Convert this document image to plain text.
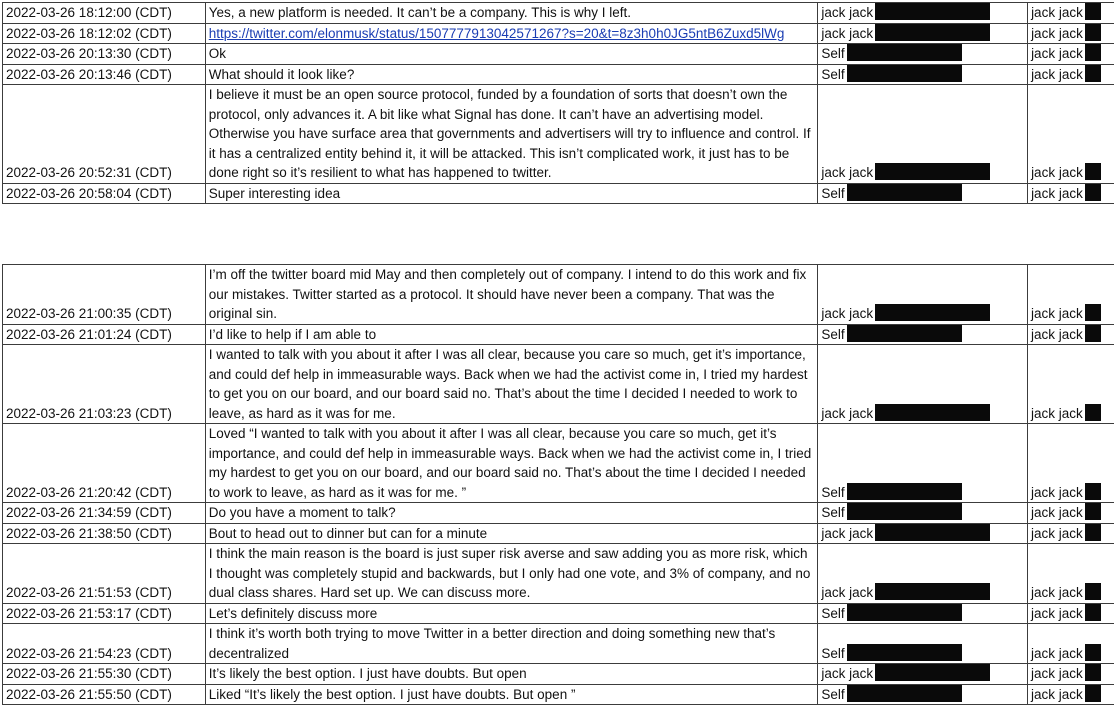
2022-03-26 18:12:00 (CDT)	Yes, a new platform is needed. It can’t be a company. This is why I left.	jack jack	jack jack
2022-03-26 18:12:02 (CDT)	https://twitter.com/elonmusk/status/1507777913042571267?s=20&t=8z3h0h0JG5ntB6Zuxd5lWg	jack jack	jack jack
2022-03-26 20:13:30 (CDT)	Ok	Self	jack jack
2022-03-26 20:13:46 (CDT)	What should it look like?	Self	jack jack
2022-03-26 20:52:31 (CDT)	I believe it must be an open source protocol, funded by a foundation of sorts that doesn’t own the protocol, only advances it. A bit like what Signal has done. It can’t have an advertising model. Otherwise you have surface area that governments and advertisers will try to influence and control. If it has a centralized entity behind it, it will be attacked. This isn’t complicated work, it just has to be done right so it’s resilient to what has happened to twitter.	jack jack	jack jack
2022-03-26 20:58:04 (CDT)	Super interesting idea	Self	jack jack
2022-03-26 21:00:35 (CDT)	I’m off the twitter board mid May and then completely out of company. I intend to do this work and fix our mistakes. Twitter started as a protocol. It should have never been a company. That was the original sin.	jack jack	jack jack
2022-03-26 21:01:24 (CDT)	I’d like to help if I am able to	Self	jack jack
2022-03-26 21:03:23 (CDT)	I wanted to talk with you about it after I was all clear, because you care so much, get it’s importance, and could def help in immeasurable ways. Back when we had the activist come in, I tried my hardest to get you on our board, and our board said no. That’s about the time I decided I needed to work to leave, as hard as it was for me.	jack jack	jack jack
2022-03-26 21:20:42 (CDT)	Loved “I wanted to talk with you about it after I was all clear, because you care so much, get it’s importance, and could def help in immeasurable ways. Back when we had the activist come in, I tried my hardest to get you on our board, and our board said no. That’s about the time I decided I needed to work to leave, as hard as it was for me. ”	Self	jack jack
2022-03-26 21:34:59 (CDT)	Do you have a moment to talk?	Self	jack jack
2022-03-26 21:38:50 (CDT)	Bout to head out to dinner but can for a minute	jack jack	jack jack
2022-03-26 21:51:53 (CDT)	I think the main reason is the board is just super risk averse and saw adding you as more risk, which I thought was completely stupid and backwards, but I only had one vote, and 3% of company, and no dual class shares. Hard set up. We can discuss more.	jack jack	jack jack
2022-03-26 21:53:17 (CDT)	Let’s definitely discuss more	Self	jack jack
2022-03-26 21:54:23 (CDT)	I think it’s worth both trying to move Twitter in a better direction and doing something new that’s decentralized	Self	jack jack
2022-03-26 21:55:30 (CDT)	It’s likely the best option. I just have doubts. But open	jack jack	jack jack
2022-03-26 21:55:50 (CDT)	Liked “It’s likely the best option. I just have doubts. But open ”	Self	jack jack
